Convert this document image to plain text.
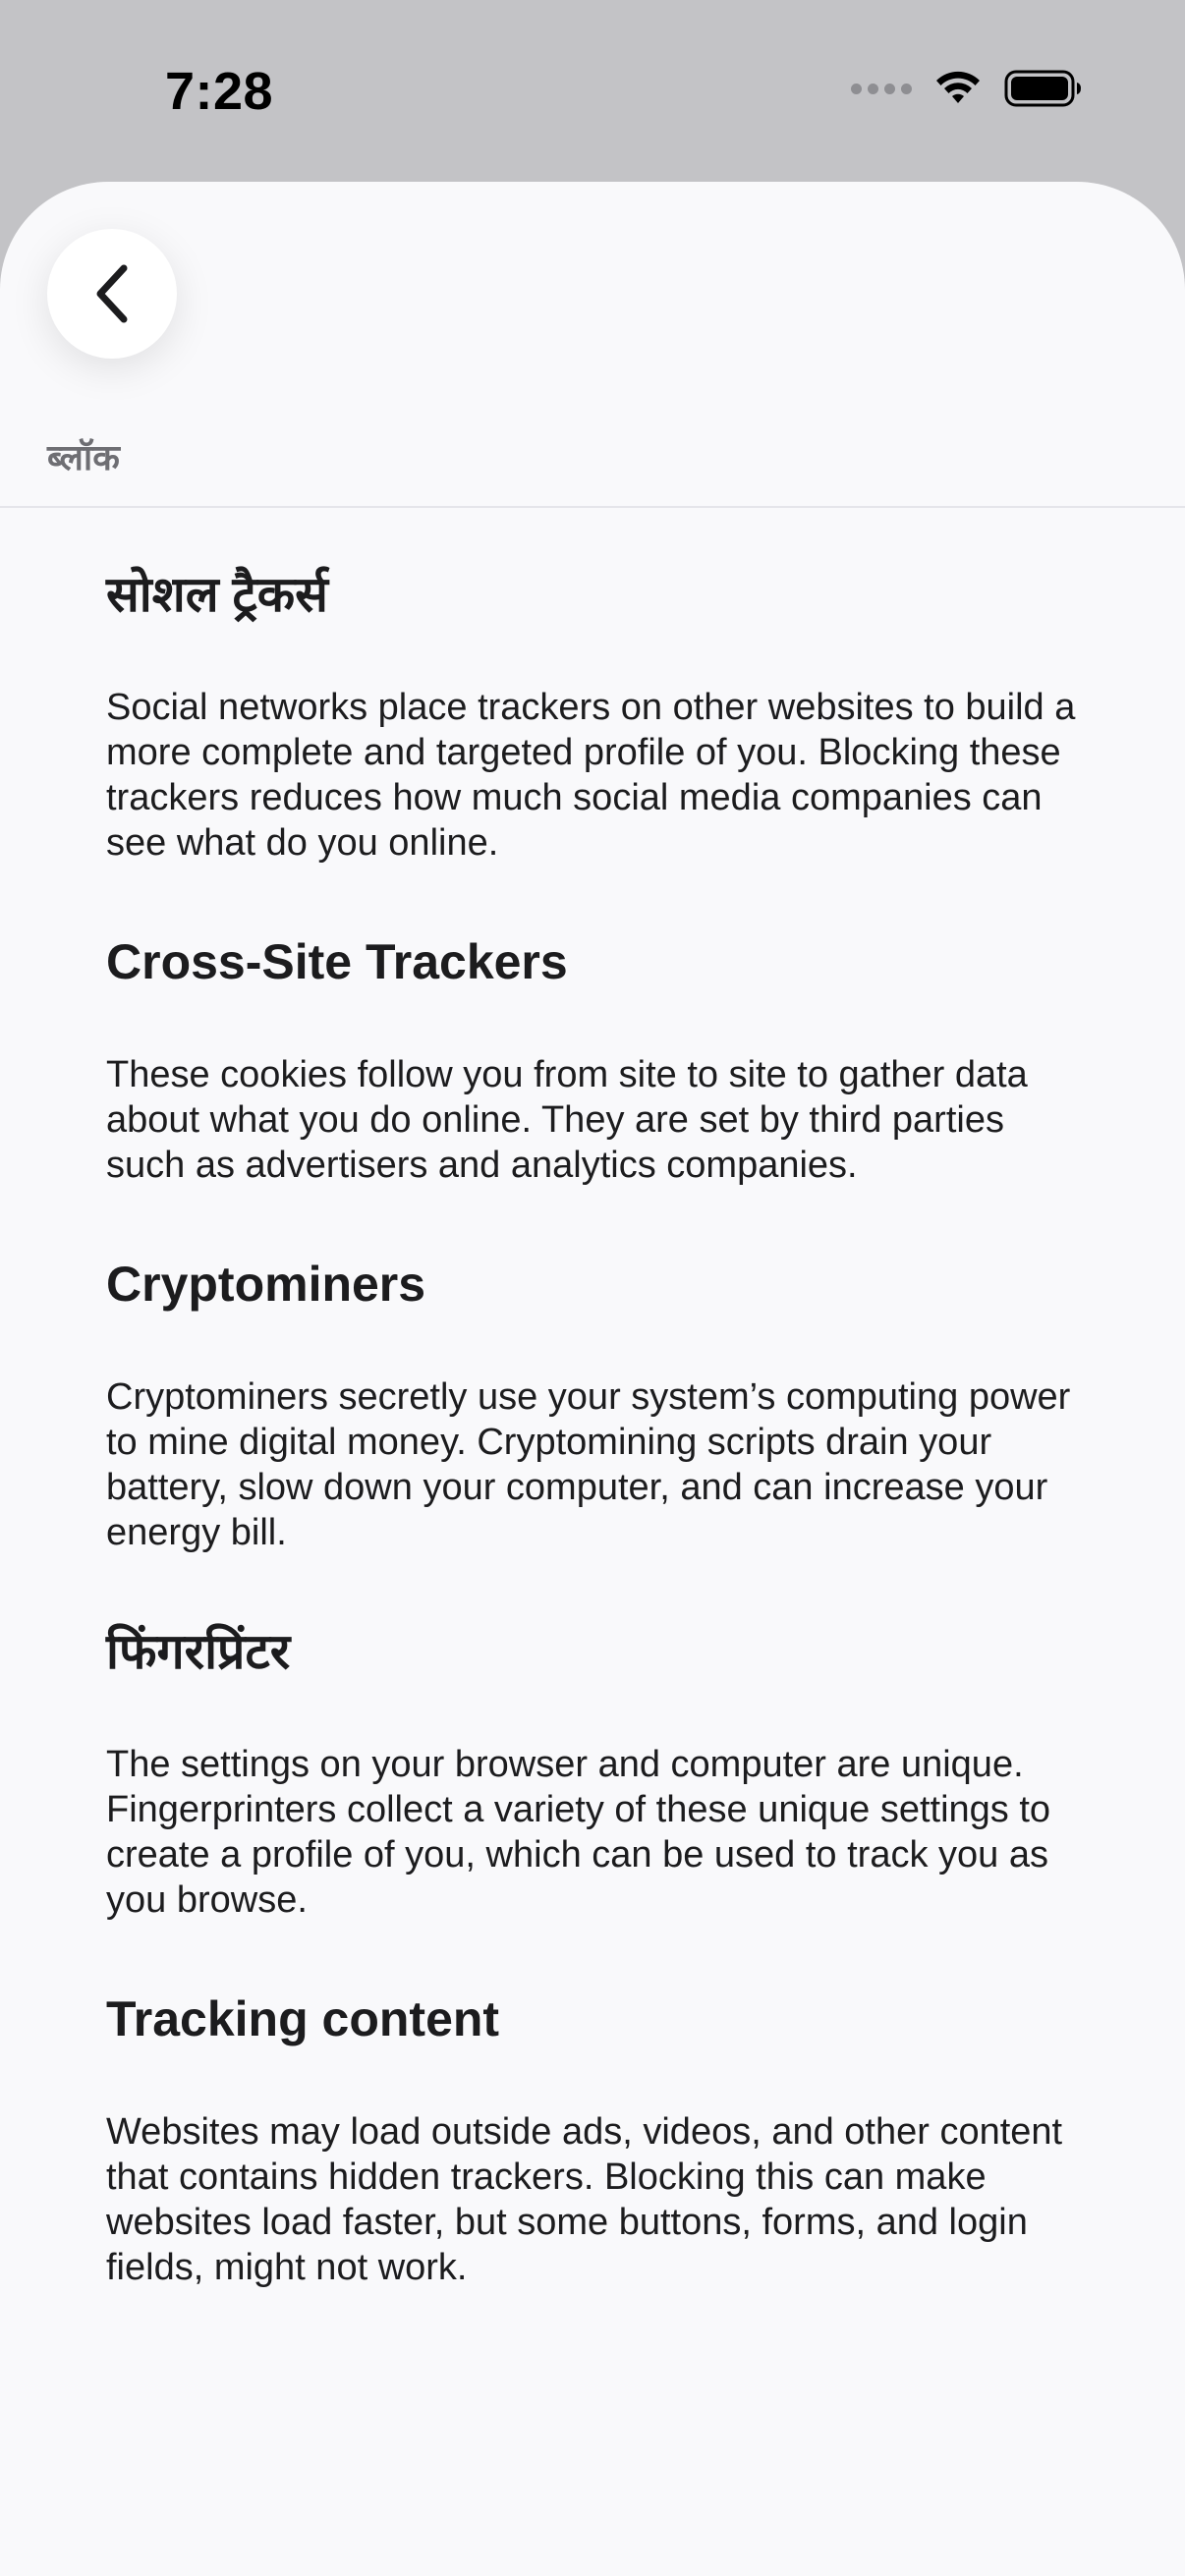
7:28
ब्लॉक
सोशल ट्रैकर्स

Social networks place trackers on other websites to build a more complete and targeted profile of you. Blocking these trackers reduces how much social media companies can see what do you online.

Cross-Site Trackers

These cookies follow you from site to site to gather data about what you do online. They are set by third parties such as advertisers and analytics companies.

Cryptominers

Cryptominers secretly use your system’s computing power to mine digital money. Cryptomining scripts drain your battery, slow down your computer, and can increase your energy bill.

फिंगरप्रिंटर

The settings on your browser and computer are unique. Fingerprinters collect a variety of these unique settings to create a profile of you, which can be used to track you as you browse.

Tracking content

Websites may load outside ads, videos, and other content that contains hidden trackers. Blocking this can make websites load faster, but some buttons, forms, and login fields, might not work.
